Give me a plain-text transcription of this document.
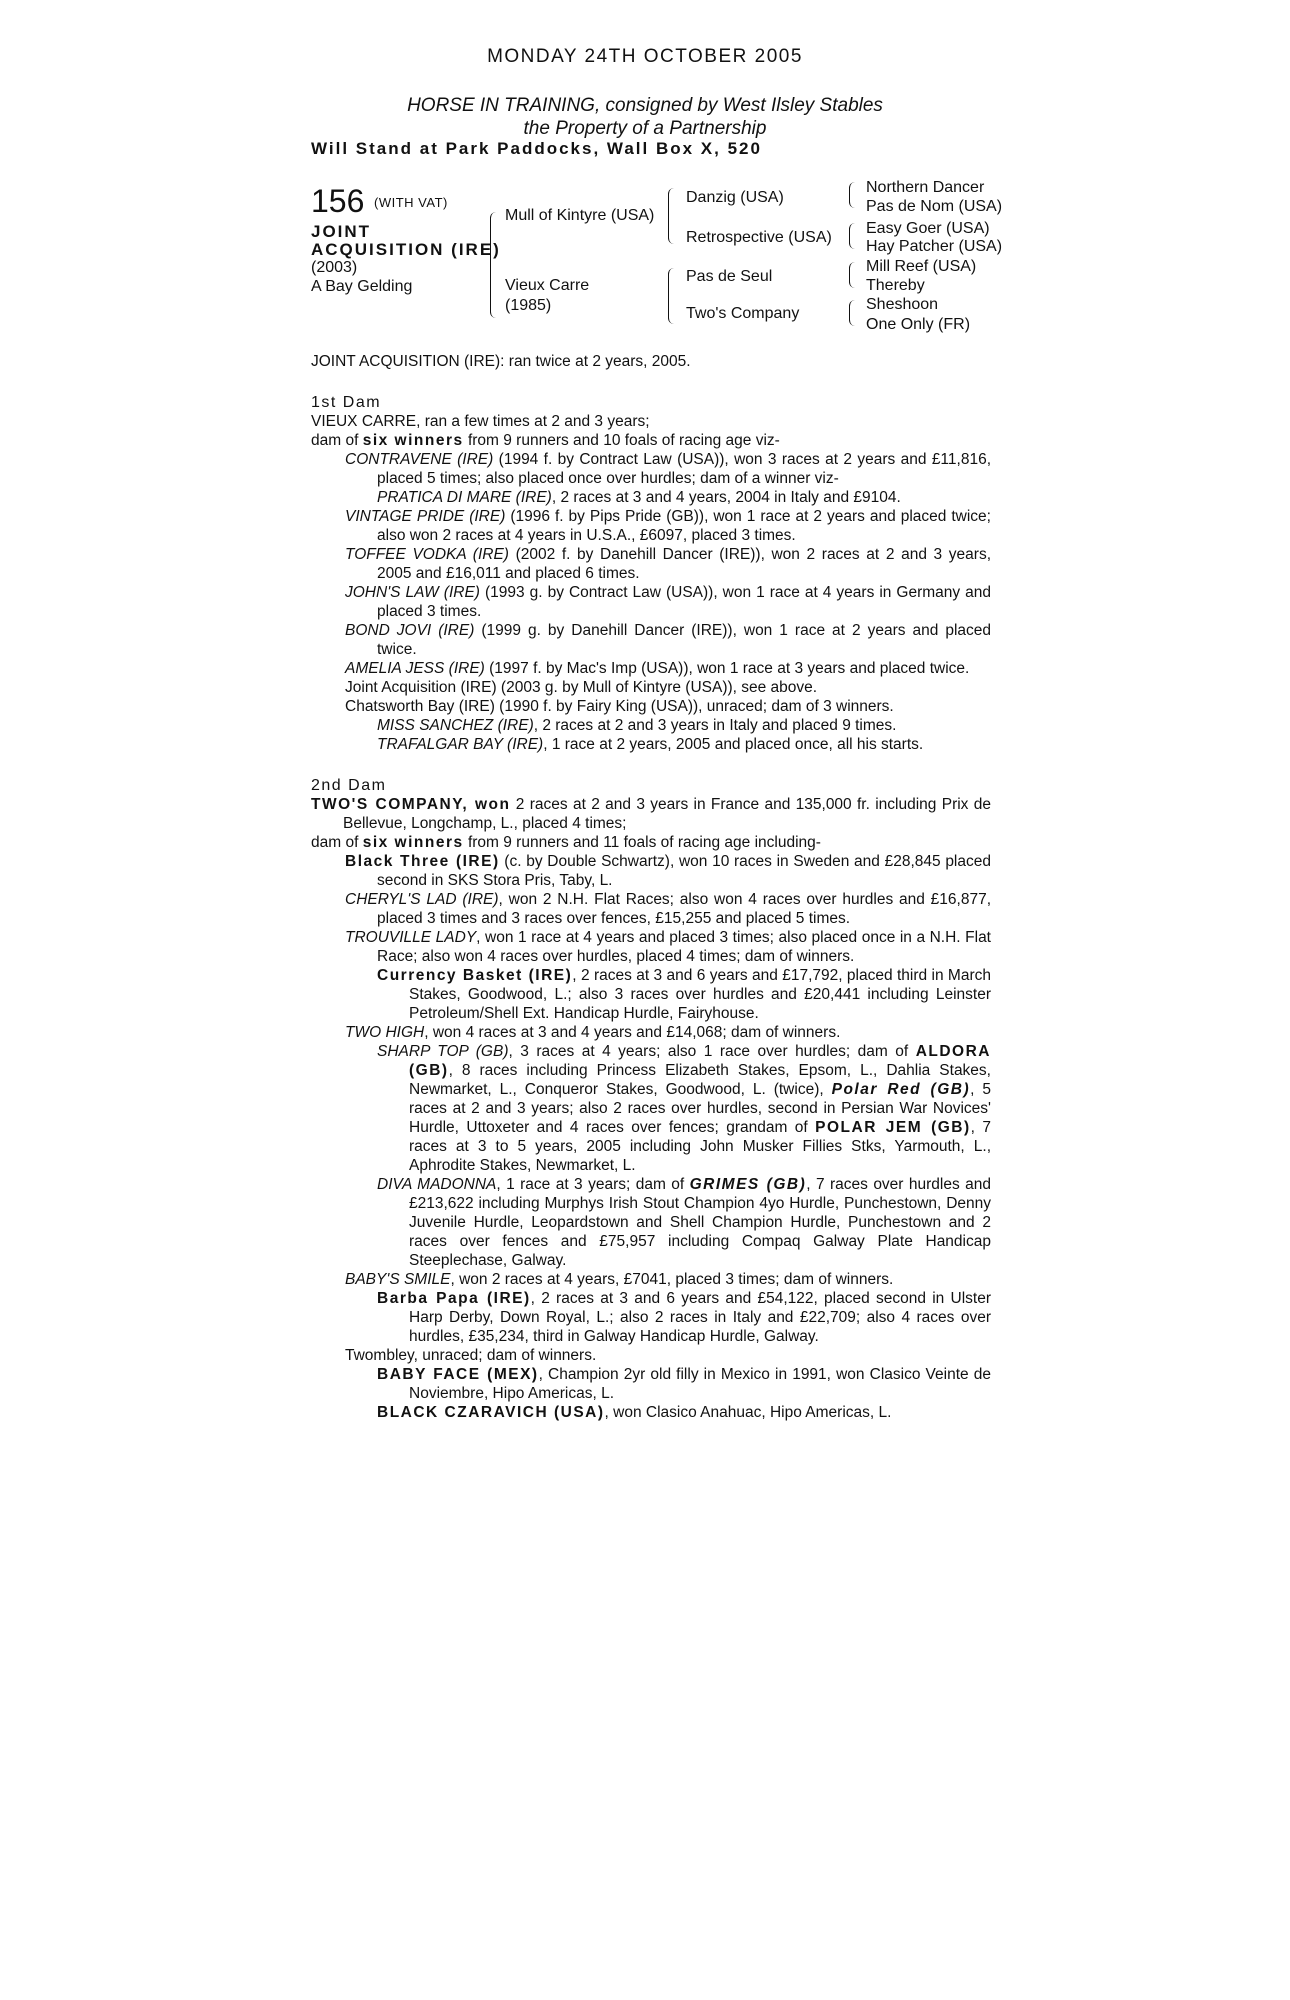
MONDAY 24TH OCTOBER 2005
HORSE IN TRAINING, consigned by West Ilsley Stables
the Property of a Partnership
Will Stand at Park Paddocks, Wall Box X, 520
156 (WITH VAT)
JOINT
ACQUISITION (IRE)
(2003)
A Bay Gelding
Mull of Kintyre (USA)
Vieux Carre
(1985)
Danzig (USA)
Retrospective (USA)
Pas de Seul
Two's Company
Northern Dancer
Pas de Nom (USA)
Easy Goer (USA)
Hay Patcher (USA)
Mill Reef (USA)
Thereby
Sheshoon
One Only (FR)

JOINT ACQUISITION (IRE): ran twice at 2 years, 2005.

1st Dam

VIEUX CARRE, ran a few times at 2 and 3 years;

dam of six winners from 9 runners and 10 foals of racing age viz-

CONTRAVENE (IRE) (1994 f. by Contract Law (USA)), won 3 races at 2 years and £11,816, placed 5 times; also placed once over hurdles; dam of a winner viz-

PRATICA DI MARE (IRE), 2 races at 3 and 4 years, 2004 in Italy and £9104.

VINTAGE PRIDE (IRE) (1996 f. by Pips Pride (GB)), won 1 race at 2 years and placed twice; also won 2 races at 4 years in U.S.A., £6097, placed 3 times.

TOFFEE VODKA (IRE) (2002 f. by Danehill Dancer (IRE)), won 2 races at 2 and 3 years, 2005 and £16,011 and placed 6 times.

JOHN'S LAW (IRE) (1993 g. by Contract Law (USA)), won 1 race at 4 years in Germany and placed 3 times.

BOND JOVI (IRE) (1999 g. by Danehill Dancer (IRE)), won 1 race at 2 years and placed twice.

AMELIA JESS (IRE) (1997 f. by Mac's Imp (USA)), won 1 race at 3 years and placed twice.

Joint Acquisition (IRE) (2003 g. by Mull of Kintyre (USA)), see above.

Chatsworth Bay (IRE) (1990 f. by Fairy King (USA)), unraced; dam of 3 winners.

MISS SANCHEZ (IRE), 2 races at 2 and 3 years in Italy and placed 9 times.

TRAFALGAR BAY (IRE), 1 race at 2 years, 2005 and placed once, all his starts.

2nd Dam

TWO'S COMPANY, won 2 races at 2 and 3 years in France and 135,000 fr. including Prix de Bellevue, Longchamp, L., placed 4 times;

dam of six winners from 9 runners and 11 foals of racing age including-

Black Three (IRE) (c. by Double Schwartz), won 10 races in Sweden and £28,845 placed second in SKS Stora Pris, Taby, L.

CHERYL'S LAD (IRE), won 2 N.H. Flat Races; also won 4 races over hurdles and £16,877, placed 3 times and 3 races over fences, £15,255 and placed 5 times.

TROUVILLE LADY, won 1 race at 4 years and placed 3 times; also placed once in a N.H. Flat Race; also won 4 races over hurdles, placed 4 times; dam of winners.

Currency Basket (IRE), 2 races at 3 and 6 years and £17,792, placed third in March Stakes, Goodwood, L.; also 3 races over hurdles and £20,441 including Leinster Petroleum/Shell Ext. Handicap Hurdle, Fairyhouse.

TWO HIGH, won 4 races at 3 and 4 years and £14,068; dam of winners.

SHARP TOP (GB), 3 races at 4 years; also 1 race over hurdles; dam of ALDORA (GB), 8 races including Princess Elizabeth Stakes, Epsom, L., Dahlia Stakes, Newmarket, L., Conqueror Stakes, Goodwood, L. (twice), Polar Red (GB), 5 races at 2 and 3 years; also 2 races over hurdles, second in Persian War Novices' Hurdle, Uttoxeter and 4 races over fences; grandam of POLAR JEM (GB), 7 races at 3 to 5 years, 2005 including John Musker Fillies Stks, Yarmouth, L., Aphrodite Stakes, Newmarket, L.

DIVA MADONNA, 1 race at 3 years; dam of GRIMES (GB), 7 races over hurdles and £213,622 including Murphys Irish Stout Champion 4yo Hurdle, Punchestown, Denny Juvenile Hurdle, Leopardstown and Shell Champion Hurdle, Punchestown and 2 races over fences and £75,957 including Compaq Galway Plate Handicap Steeplechase, Galway.

BABY'S SMILE, won 2 races at 4 years, £7041, placed 3 times; dam of winners.

Barba Papa (IRE), 2 races at 3 and 6 years and £54,122, placed second in Ulster Harp Derby, Down Royal, L.; also 2 races in Italy and £22,709; also 4 races over hurdles, £35,234, third in Galway Handicap Hurdle, Galway.

Twombley, unraced; dam of winners.

BABY FACE (MEX), Champion 2yr old filly in Mexico in 1991, won Clasico Veinte de Noviembre, Hipo Americas, L.

BLACK CZARAVICH (USA), won Clasico Anahuac, Hipo Americas, L.
